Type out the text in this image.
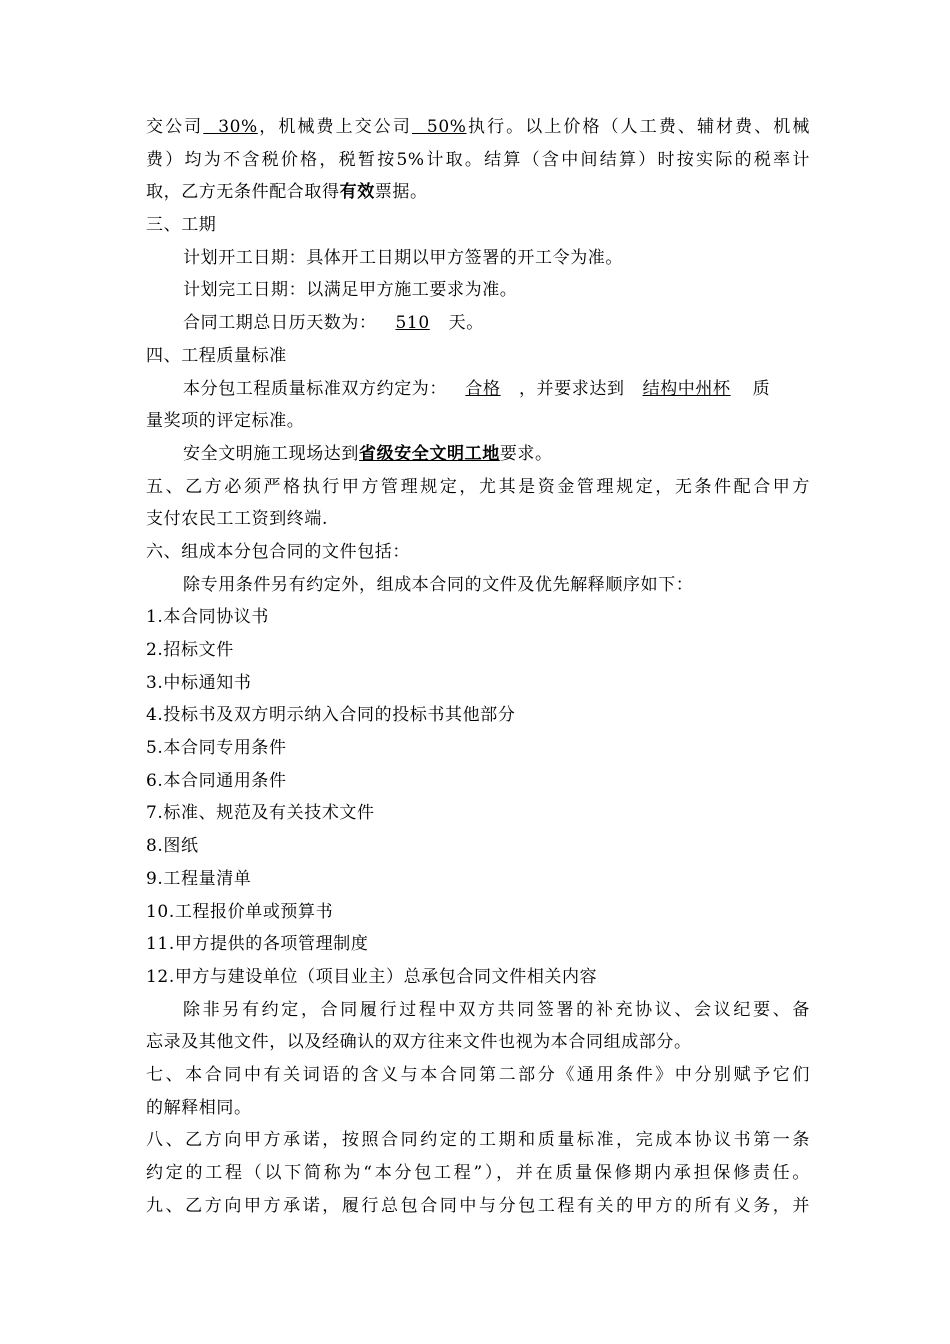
交公司  30%，机械费上交公司  50%执行。以上价格（人工费、辅材费、机械
费）均为不含税价格，税暂按5%计取。结算（含中间结算）时按实际的税率计
取，乙方无条件配合取得有效票据。
三、工期
计划开工日期：具体开工日期以甲方签署的开工令为准。
计划完工日期：以满足甲方施工要求为准。
合同工期总日历天数为： 510 天。
四、工程质量标准
本分包工程质量标准双方约定为： 合格 ，并要求达到 结构中州杯 质
量奖项的评定标准。
安全文明施工现场达到省级安全文明工地要求。
五、乙方必须严格执行甲方管理规定，尤其是资金管理规定，无条件配合甲方
支付农民工工资到终端.
六、组成本分包合同的文件包括：
除专用条件另有约定外，组成本合同的文件及优先解释顺序如下：
1.本合同协议书
2.招标文件
3.中标通知书
4.投标书及双方明示纳入合同的投标书其他部分
5.本合同专用条件
6.本合同通用条件
7.标准、规范及有关技术文件
8.图纸
9.工程量清单
10.工程报价单或预算书
11.甲方提供的各项管理制度
12.甲方与建设单位（项目业主）总承包合同文件相关内容
除非另有约定，合同履行过程中双方共同签署的补充协议、会议纪要、备
忘录及其他文件，以及经确认的双方往来文件也视为本合同组成部分。
七、本合同中有关词语的含义与本合同第二部分《通用条件》中分别赋予它们
的解释相同。
八、乙方向甲方承诺，按照合同约定的工期和质量标准，完成本协议书第一条
约定的工程（以下简称为“本分包工程”），并在质量保修期内承担保修责任。
九、乙方向甲方承诺，履行总包合同中与分包工程有关的甲方的所有义务，并
